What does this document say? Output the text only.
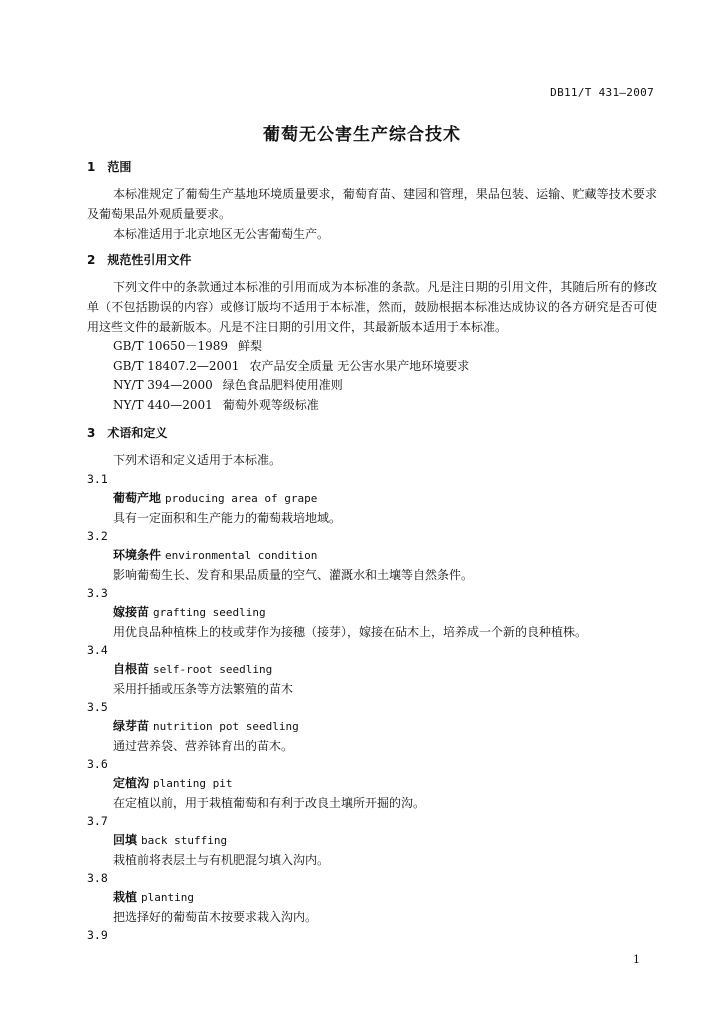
DB11/T 431—2007
葡萄无公害生产综合技术

1　范围

本标准规定了葡萄生产基地环境质量要求，葡萄育苗、建园和管理，果品包装、运输、贮藏等技术要求及葡萄果品外观质量要求。

本标准适用于北京地区无公害葡萄生产。

2　规范性引用文件

下列文件中的条款通过本标准的引用而成为本标准的条款。凡是注日期的引用文件，其随后所有的修改单（不包括勘误的内容）或修订版均不适用于本标准，然而，鼓励根据本标准达成协议的各方研究是否可使用这些文件的最新版本。凡是不注日期的引用文件，其最新版本适用于本标准。

GB/T 10650－1989 鲜梨

GB/T 18407.2—2001 农产品安全质量 无公害水果产地环境要求

NY/T 394—2000 绿色食品肥料使用准则

NY/T 440—2001 葡萄外观等级标准

3　术语和定义

下列术语和定义适用于本标准。

3.1

葡萄产地 producing area of grape

具有一定面积和生产能力的葡萄栽培地域。

3.2

环境条件 environmental condition

影响葡萄生长、发育和果品质量的空气、灌溉水和土壤等自然条件。

3.3

嫁接苗 grafting seedling

用优良品种植株上的枝或芽作为接穗（接芽），嫁接在砧木上，培养成一个新的良种植株。

3.4

自根苗 self-root seedling

采用扦插或压条等方法繁殖的苗木

3.5

绿芽苗 nutrition pot seedling

通过营养袋、营养钵育出的苗木。

3.6

定植沟 planting pit

在定植以前，用于栽植葡萄和有利于改良土壤所开掘的沟。

3.7

回填 back stuffing

栽植前将表层土与有机肥混匀填入沟内。

3.8

栽植 planting

把选择好的葡萄苗木按要求栽入沟内。

3.9

1
